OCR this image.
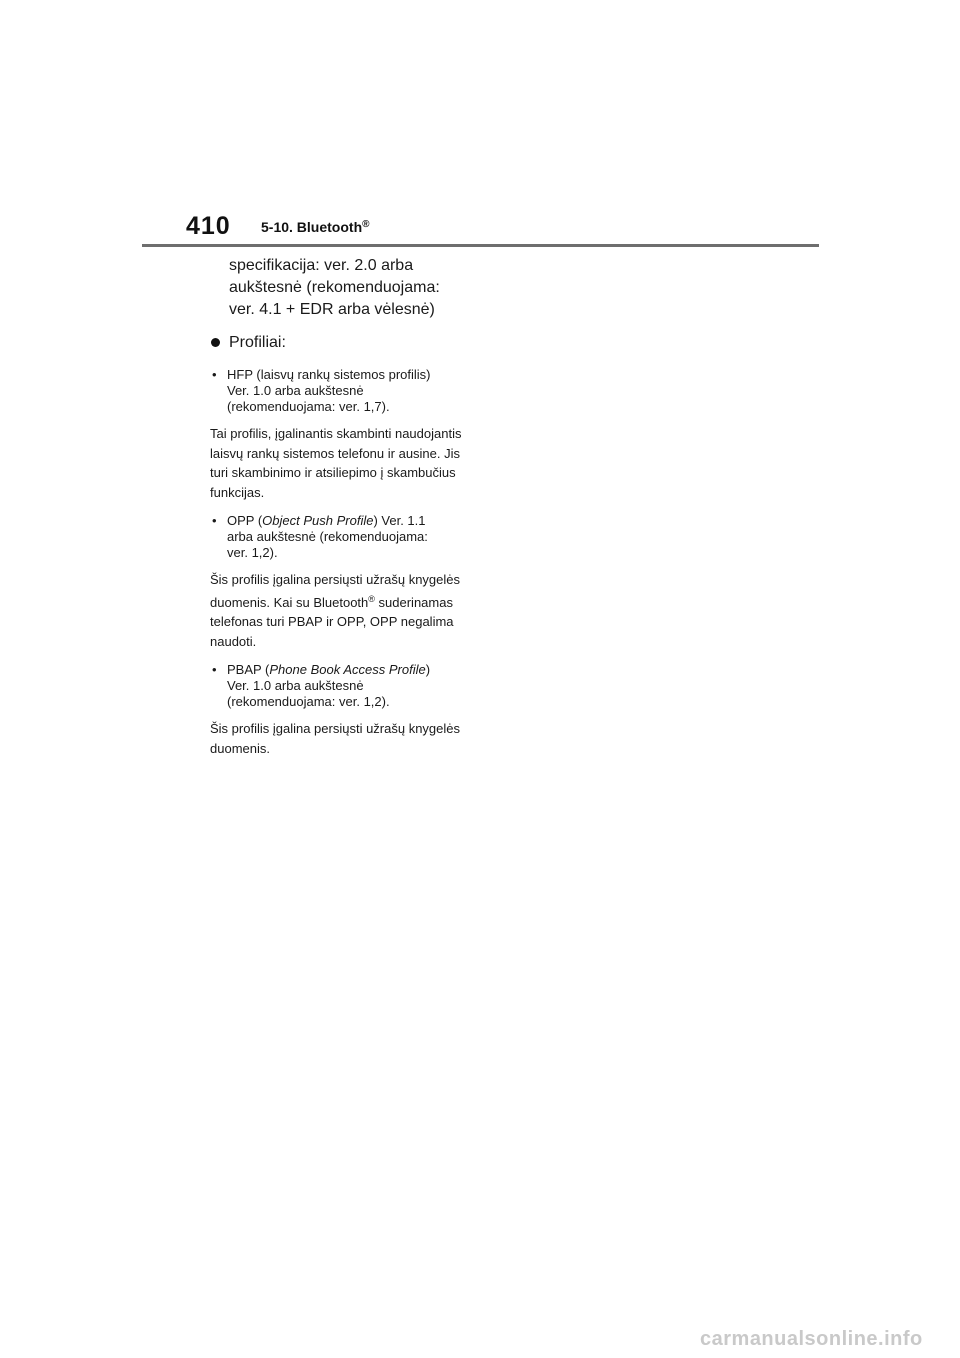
410 5-10. Bluetooth®

specifikacija: ver. 2.0 arba
aukštesnė (rekomenduojama:
ver. 4.1 + EDR arba vėlesnė)

Profiliai:

• HFP (laisvų rankų sistemos profilis)
Ver. 1.0 arba aukštesnė
(rekomenduojama: ver. 1,7).

Tai profilis, įgalinantis skambinti naudojantis laisvų rankų sistemos telefonu ir ausine. Jis turi skambinimo ir atsiliepimo į skambučius funkcijas.

• OPP (Object Push Profile) Ver. 1.1
arba aukštesnė (rekomenduojama:
ver. 1,2).

Šis profilis įgalina persiųsti užrašų knygelės duomenis. Kai su Bluetooth® suderinamas telefonas turi PBAP ir OPP, OPP negalima naudoti.

• PBAP (Phone Book Access Profile)
Ver. 1.0 arba aukštesnė
(rekomenduojama: ver. 1,2).

Šis profilis įgalina persiųsti užrašų knygelės duomenis.

carmanualsonline.info
